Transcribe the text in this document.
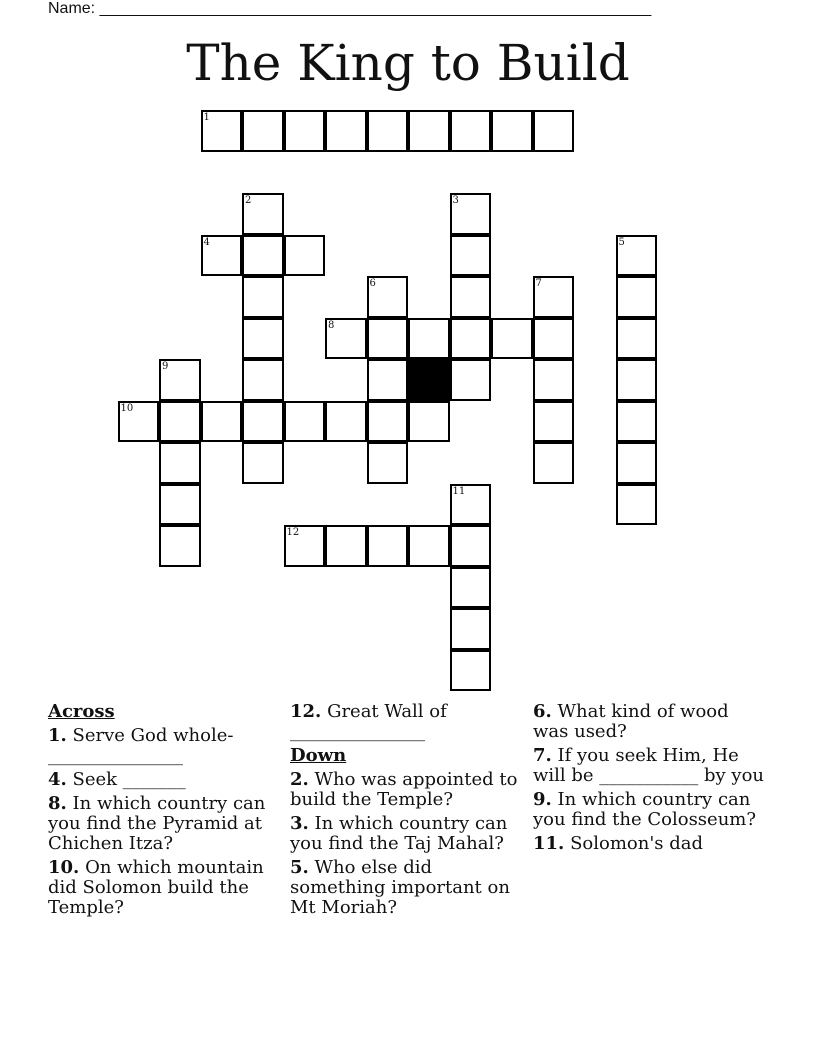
Name: ______________________________________________________________
The King to Build
1
2	3
4	5
6	7
8
9
10
11
12
Across
1. Serve God whole-_______________
4. Seek _______
8. In which country can you find the Pyramid at Chichen Itza?
10. On which mountain did Solomon build the Temple?
12. Great Wall of _______________
Down
2. Who was appointed to build the Temple?
3. In which country can you find the Taj Mahal?
5. Who else did something important on Mt Moriah?
6. What kind of wood was used?
7. If you seek Him, He will be ___________ by you
9. In which country can you find the Colosseum?
11. Solomon's dad
